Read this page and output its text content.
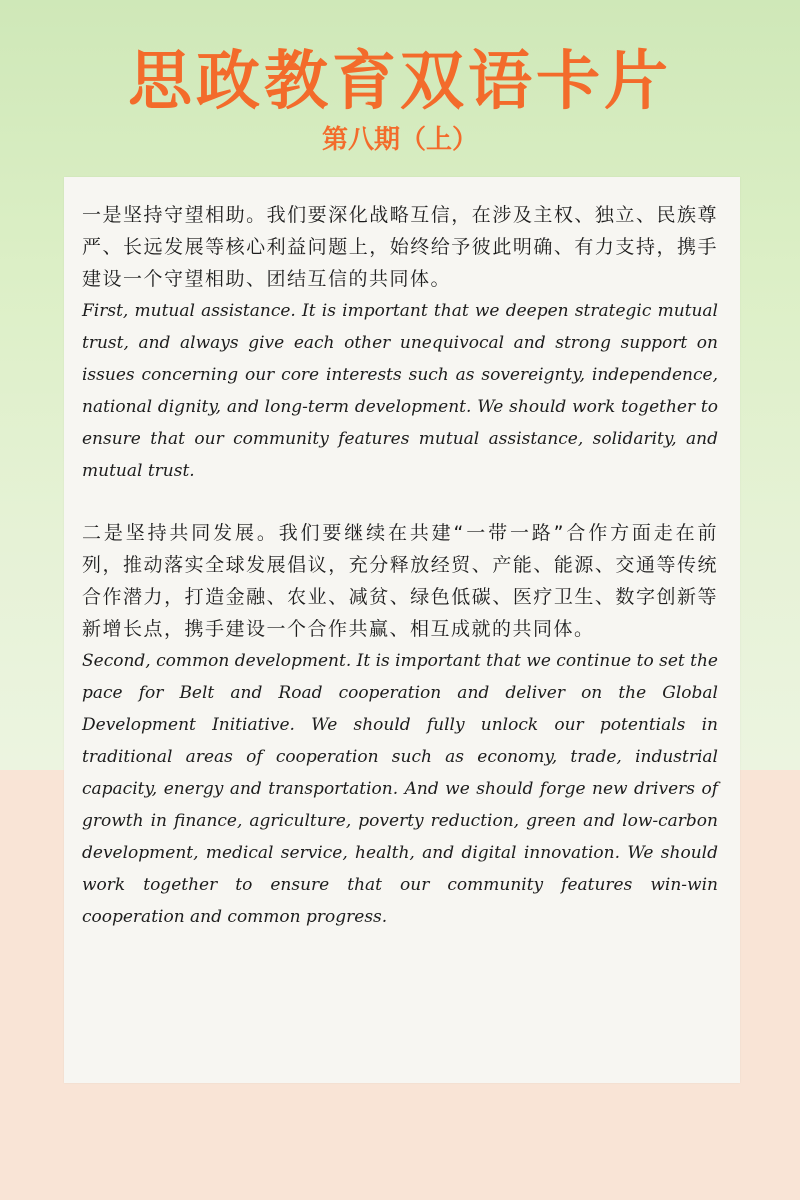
思政教育双语卡片
第八期（上）

一是坚持守望相助。我们要深化战略互信，在涉及主权、独立、民族尊严、长远发展等核心利益问题上，始终给予彼此明确、有力支持，携手建设一个守望相助、团结互信的共同体。

First, mutual assistance. It is important that we deepen strategic mutual trust, and always give each other unequivocal and strong support on issues concerning our core interests such as sovereignty, independence, national dignity, and long-term development. We should work together to ensure that our community features mutual assistance, solidarity, and mutual trust.

二是坚持共同发展。我们要继续在共建“一带一路”合作方面走在前列，推动落实全球发展倡议，充分释放经贸、产能、能源、交通等传统合作潜力，打造金融、农业、减贫、绿色低碳、医疗卫生、数字创新等新增长点，携手建设一个合作共赢、相互成就的共同体。

Second, common development. It is important that we continue to set the pace for Belt and Road cooperation and deliver on the Global Development Initiative. We should fully unlock our potentials in traditional areas of cooperation such as economy, trade, industrial capacity, energy and transportation. And we should forge new drivers of growth in finance, agriculture, poverty reduction, green and low-carbon development, medical service, health, and digital innovation. We should work together to ensure that our community features win-win cooperation and common progress.
